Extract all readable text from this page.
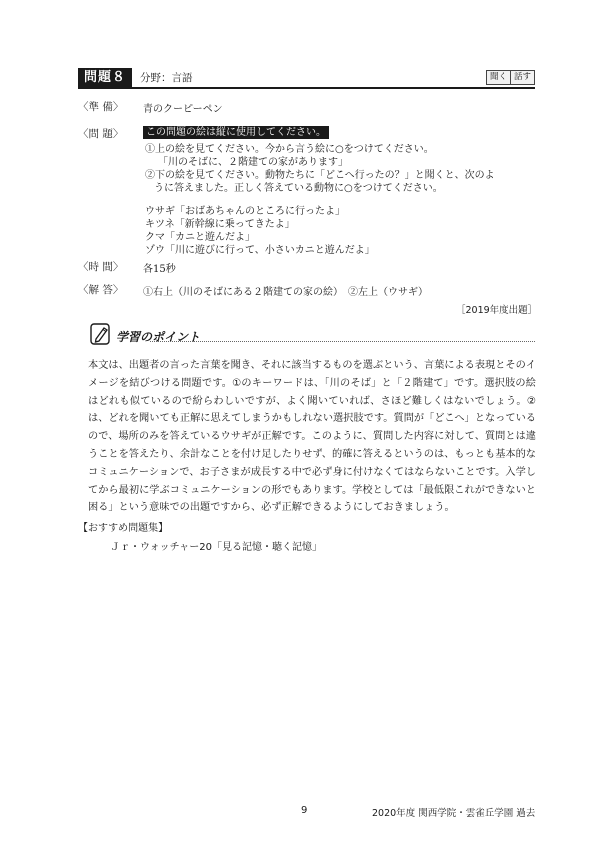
問題８	分野：言語	聞く 話す
〈準 備〉 青のクーピーペン
〈問 題〉	この問題の絵は縦に使用してください。
①上の絵を見てください。今から言う絵に○をつけてください。
「川のそばに、２階建ての家があります」
②下の絵を見てください。動物たちに「どこへ行ったの？」と聞くと、次のよ
うに答えました。正しく答えている動物に○をつけてください。
ウサギ「おばあちゃんのところに行ったよ」
キツネ「新幹線に乗ってきたよ」
クマ「カニと遊んだよ」
ゾウ「川に遊びに行って、小さいカニと遊んだよ」
〈時 間〉 各15秒
〈解 答〉 ①右上（川のそばにある２階建ての家の絵）　②左上（ウサギ）
［2019年度出題］
学習のポイント
本文は、出題者の言った言葉を聞き、それに該当するものを選ぶという、言葉による表現とそのイメージを結びつける問題です。①のキーワードは、「川のそば」と「２階建て」です。選択肢の絵はどれも似ているので紛らわしいですが、よく聞いていれば、さほど難しくはないでしょう。②は、どれを聞いても正解に思えてしまうかもしれない選択肢です。質問が「どこへ」となっているので、場所のみを答えているウサギが正解です。このように、質問した内容に対して、質問とは違うことを答えたり、余計なことを付け足したりせず、的確に答えるというのは、もっとも基本的なコミュニケーションで、お子さまが成長する中で必ず身に付けなくてはならないことです。入学してから最初に学ぶコミュニケーションの形でもあります。学校としては「最低限これができないと困る」という意味での出題ですから、必ず正解できるようにしておきましょう。
【おすすめ問題集】
Ｊｒ・ウォッチャー20「見る記憶・聴く記憶」
9	2020年度 関西学院・雲雀丘学園 過去
